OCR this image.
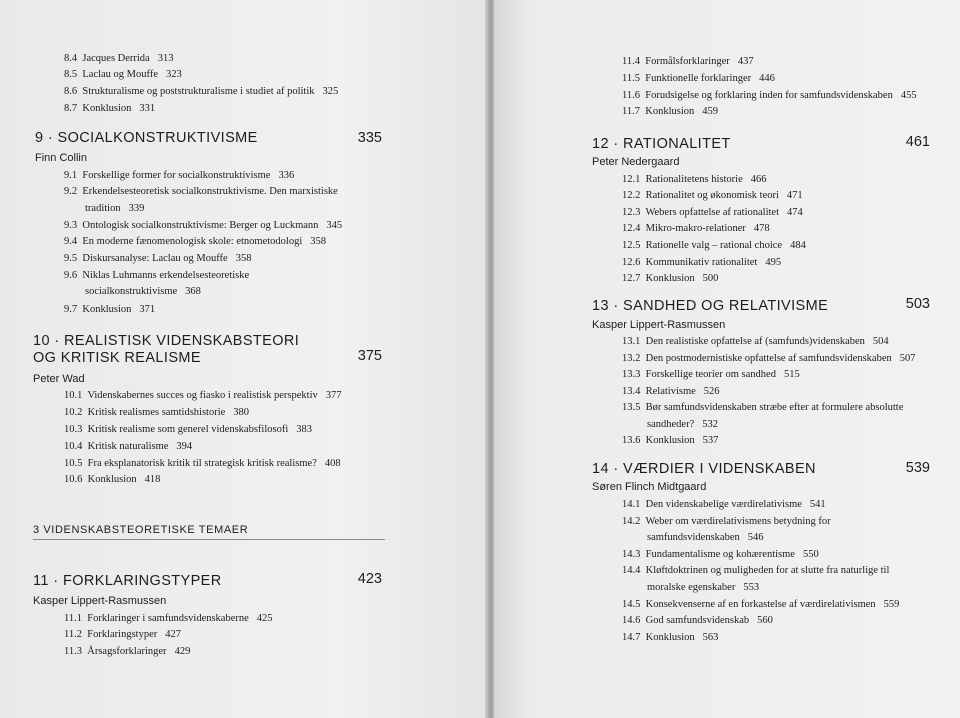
8.4 Jacques Derrida 313
8.5 Laclau og Mouffe 323
8.6 Strukturalisme og poststrukturalisme i studiet af politik 325
8.7 Konklusion 331
9 · SOCIALKONSTRUKTIVISME	335
Finn Collin
9.1 Forskellige former for socialkonstruktivisme 336
9.2 Erkendelsesteoretisk socialkonstruktivisme. Den marxistiske
tradition 339
9.3 Ontologisk socialkonstruktivisme: Berger og Luckmann 345
9.4 En moderne fænomenologisk skole: etnometodologi 358
9.5 Diskursanalyse: Laclau og Mouffe 358
9.6 Niklas Luhmanns erkendelsesteoretiske
socialkonstruktivisme 368
9.7 Konklusion 371
10 · REALISTISK VIDENSKABSTEORI
OG KRITISK REALISME	375
Peter Wad
10.1 Videnskabernes succes og fiasko i realistisk perspektiv 377
10.2 Kritisk realismes samtidshistorie 380
10.3 Kritisk realisme som generel videnskabsfilosofi 383
10.4 Kritisk naturalisme 394
10.5 Fra eksplanatorisk kritik til strategisk kritisk realisme? 408
10.6 Konklusion 418
3 VIDENSKABSTEORETISKE TEMAER
11 · FORKLARINGSTYPER	423
Kasper Lippert-Rasmussen
11.1 Forklaringer i samfundsvidenskaberne 425
11.2 Forklaringstyper 427
11.3 Årsagsforklaringer 429
11.4 Formålsforklaringer 437
11.5 Funktionelle forklaringer 446
11.6 Forudsigelse og forklaring inden for samfundsvidenskaben 455
11.7 Konklusion 459
12 · RATIONALITET	461
Peter Nedergaard
12.1 Rationalitetens historie 466
12.2 Rationalitet og økonomisk teori 471
12.3 Webers opfattelse af rationalitet 474
12.4 Mikro-makro-relationer 478
12.5 Rationelle valg – rational choice 484
12.6 Kommunikativ rationalitet 495
12.7 Konklusion 500
13 · SANDHED OG RELATIVISME	503
Kasper Lippert-Rasmussen
13.1 Den realistiske opfattelse af (samfunds)videnskaben 504
13.2 Den postmodernistiske opfattelse af samfundsvidenskaben 507
13.3 Forskellige teorier om sandhed 515
13.4 Relativisme 526
13.5 Bør samfundsvidenskaben stræbe efter at formulere absolutte
sandheder? 532
13.6 Konklusion 537
14 · VÆRDIER I VIDENSKABEN	539
Søren Flinch Midtgaard
14.1 Den videnskabelige værdirelativisme 541
14.2 Weber om værdirelativismens betydning for
samfundsvidenskaben 546
14.3 Fundamentalisme og kohærentisme 550
14.4 Kløftdoktrinen og muligheden for at slutte fra naturlige til
moralske egenskaber 553
14.5 Konsekvenserne af en forkastelse af værdirelativismen 559
14.6 God samfundsvidenskab 560
14.7 Konklusion 563
